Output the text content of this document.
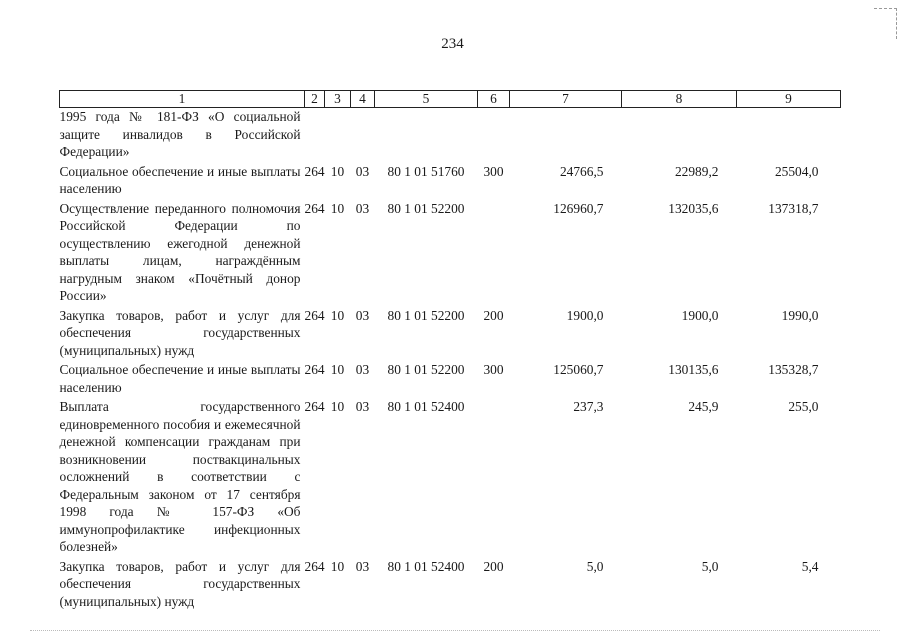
234
1	2	3	4	5	6	7	8	9
1995 года № 181-ФЗ «О социальной защите инвалидов в Российской Федерации»								
Социальное обеспечение и иные выплаты населению	264	10	03	80 1 01 51760	300	24766,5	22989,2	25504,0
Осуществление переданного полномочия Российской Федерации по осуществлению ежегодной денежной выплаты лицам, награждённым нагрудным знаком «Почётный донор России»	264	10	03	80 1 01 52200		126960,7	132035,6	137318,7
Закупка товаров, работ и услуг для обеспечения государственных (муниципальных) нужд	264	10	03	80 1 01 52200	200	1900,0	1900,0	1990,0
Социальное обеспечение и иные выплаты населению	264	10	03	80 1 01 52200	300	125060,7	130135,6	135328,7
Выплата государственного единовременного пособия и ежемесячной денежной компенсации гражданам при возникновении поствакцинальных осложнений в соответствии с Федеральным законом от 17 сентября 1998 года № 157-ФЗ «Об иммунопрофилактике инфекционных болезней»	264	10	03	80 1 01 52400		237,3	245,9	255,0
Закупка товаров, работ и услуг для обеспечения государственных (муниципальных) нужд	264	10	03	80 1 01 52400	200	5,0	5,0	5,4
